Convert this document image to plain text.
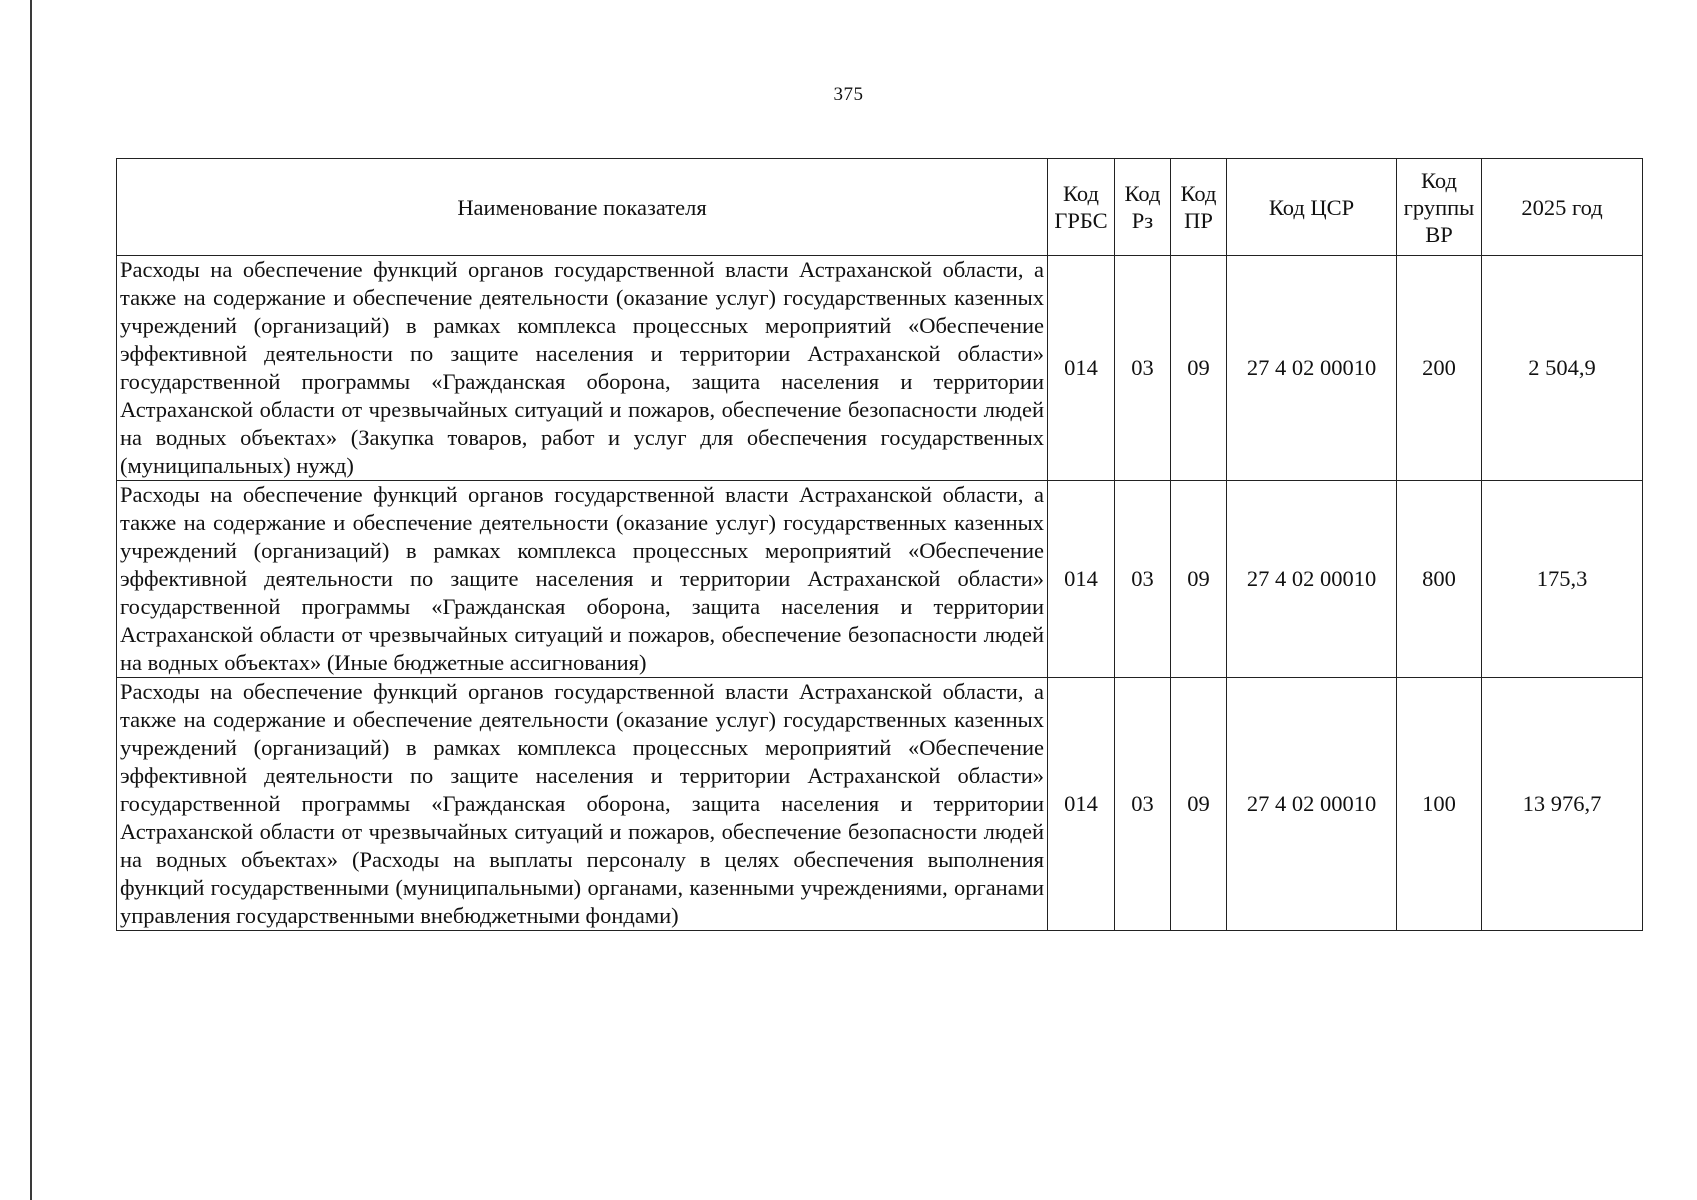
375
Наименование показателя	Код ГРБС	Код Рз	Код ПР	Код ЦСР	Код группы ВР	2025 год
Расходы на обеспечение функций органов государственной власти Астраханской области, а также на содержание и обеспечение деятельности (оказание услуг) государственных казенных учреждений (организаций) в рамках комплекса процессных мероприятий «Обеспечение эффективной деятельности по защите населения и территории Астраханской области» государственной программы «Гражданская оборона, защита населения и территории Астраханской области от чрезвычайных ситуаций и пожаров, обеспечение безопасности людей на водных объектах» (Закупка товаров, работ и услуг для обеспечения государственных (муниципальных) нужд)	014	03	09	27 4 02 00010	200	2 504,9
Расходы на обеспечение функций органов государственной власти Астраханской области, а также на содержание и обеспечение деятельности (оказание услуг) государственных казенных учреждений (организаций) в рамках комплекса процессных мероприятий «Обеспечение эффективной деятельности по защите населения и территории Астраханской области» государственной программы «Гражданская оборона, защита населения и территории Астраханской области от чрезвычайных ситуаций и пожаров, обеспечение безопасности людей на водных объектах» (Иные бюджетные ассигнования)	014	03	09	27 4 02 00010	800	175,3
Расходы на обеспечение функций органов государственной власти Астраханской области, а также на содержание и обеспечение деятельности (оказание услуг) государственных казенных учреждений (организаций) в рамках комплекса процессных мероприятий «Обеспечение эффективной деятельности по защите населения и территории Астраханской области» государственной программы «Гражданская оборона, защита населения и территории Астраханской области от чрезвычайных ситуаций и пожаров, обеспечение безопасности людей на водных объектах» (Расходы на выплаты персоналу в целях обеспечения выполнения функций государственными (муниципальными) органами, казенными учреждениями, органами управления государственными внебюджетными фондами)	014	03	09	27 4 02 00010	100	13 976,7
